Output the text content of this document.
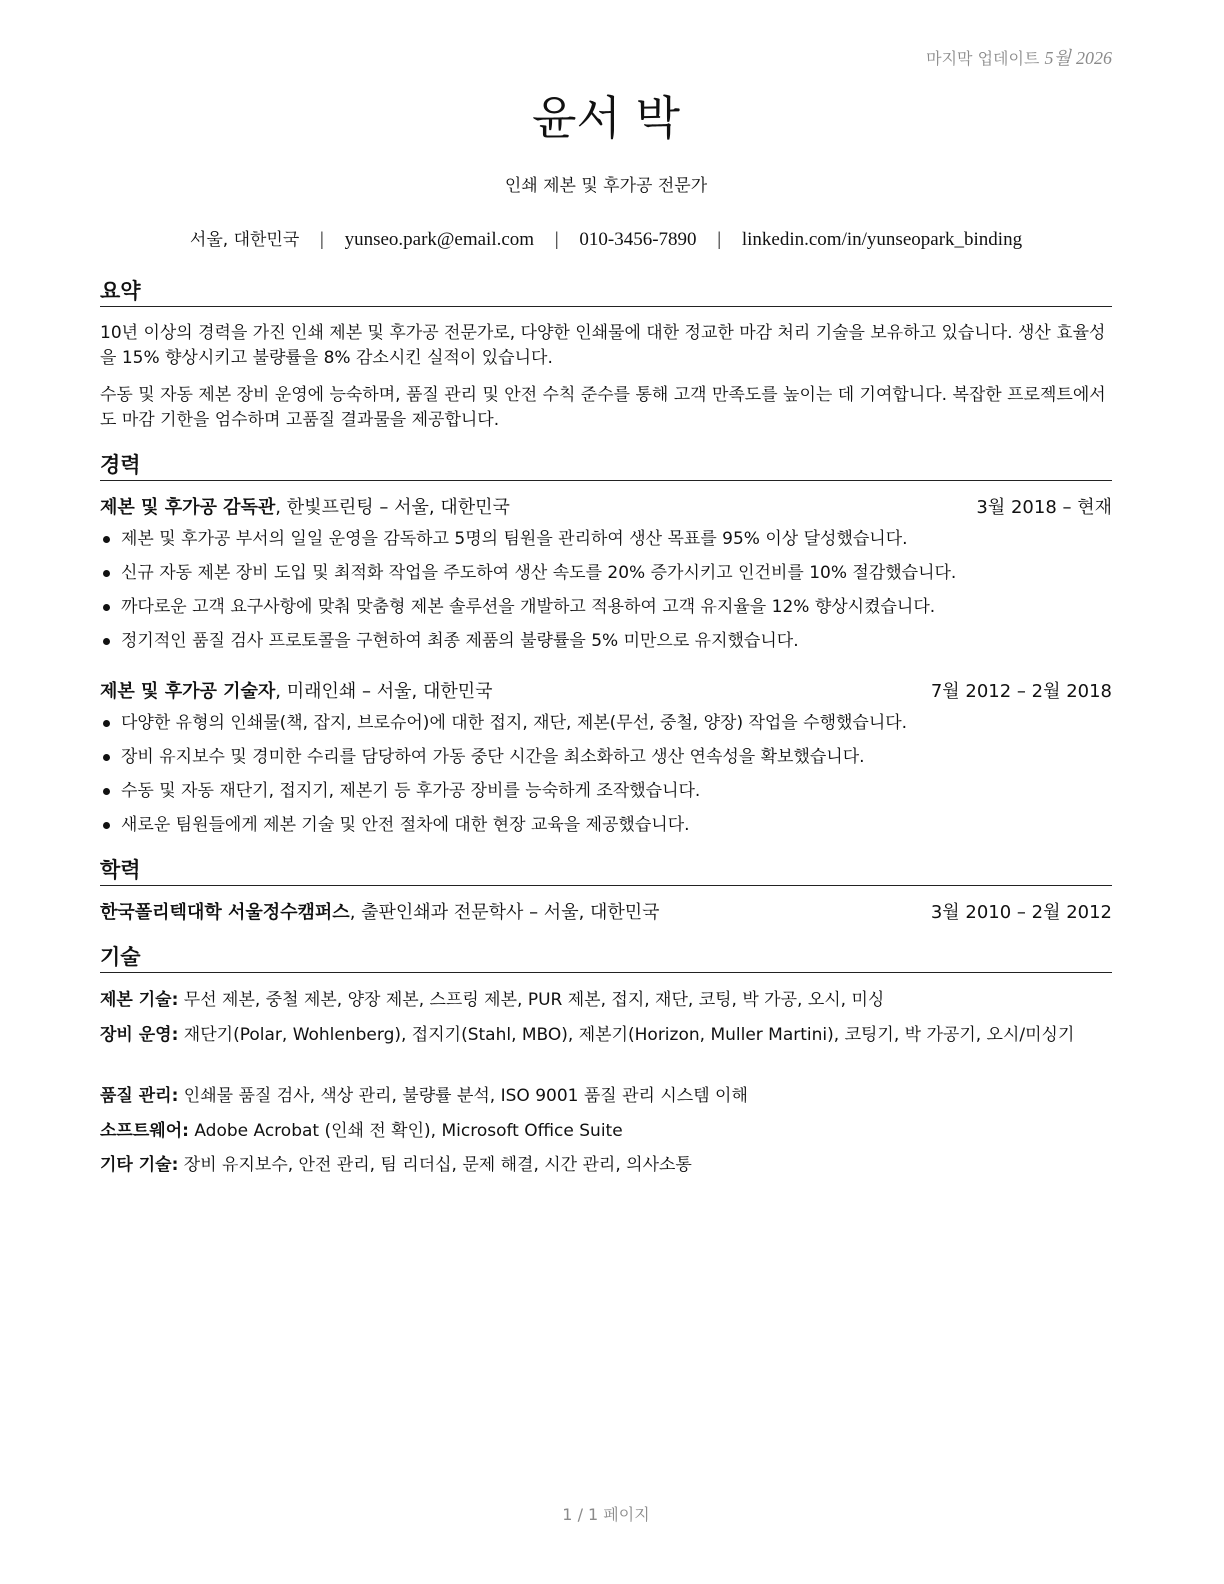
마지막 업데이트 5월 2026
윤서 박
인쇄 제본 및 후가공 전문가
서울, 대한민국 | yunseo.park@email.com | 010-3456-7890 | linkedin.com/in/yunseopark_binding
요약
10년 이상의 경력을 가진 인쇄 제본 및 후가공 전문가로, 다양한 인쇄물에 대한 정교한 마감 처리 기술을 보유하고 있습니다. 생산 효율성을 15% 향상시키고 불량률을 8% 감소시킨 실적이 있습니다.
수동 및 자동 제본 장비 운영에 능숙하며, 품질 관리 및 안전 수칙 준수를 통해 고객 만족도를 높이는 데 기여합니다. 복잡한 프로젝트에서도 마감 기한을 엄수하며 고품질 결과물을 제공합니다.
경력
제본 및 후가공 감독관, 한빛프린팅 – 서울, 대한민국	3월 2018 – 현재
제본 및 후가공 부서의 일일 운영을 감독하고 5명의 팀원을 관리하여 생산 목표를 95% 이상 달성했습니다.
신규 자동 제본 장비 도입 및 최적화 작업을 주도하여 생산 속도를 20% 증가시키고 인건비를 10% 절감했습니다.
까다로운 고객 요구사항에 맞춰 맞춤형 제본 솔루션을 개발하고 적용하여 고객 유지율을 12% 향상시켰습니다.
정기적인 품질 검사 프로토콜을 구현하여 최종 제품의 불량률을 5% 미만으로 유지했습니다.
제본 및 후가공 기술자, 미래인쇄 – 서울, 대한민국	7월 2012 – 2월 2018
다양한 유형의 인쇄물(책, 잡지, 브로슈어)에 대한 접지, 재단, 제본(무선, 중철, 양장) 작업을 수행했습니다.
장비 유지보수 및 경미한 수리를 담당하여 가동 중단 시간을 최소화하고 생산 연속성을 확보했습니다.
수동 및 자동 재단기, 접지기, 제본기 등 후가공 장비를 능숙하게 조작했습니다.
새로운 팀원들에게 제본 기술 및 안전 절차에 대한 현장 교육을 제공했습니다.
학력
한국폴리텍대학 서울정수캠퍼스, 출판인쇄과 전문학사 – 서울, 대한민국	3월 2010 – 2월 2012
기술
제본 기술: 무선 제본, 중철 제본, 양장 제본, 스프링 제본, PUR 제본, 접지, 재단, 코팅, 박 가공, 오시, 미싱
장비 운영: 재단기(Polar, Wohlenberg), 접지기(Stahl, MBO), 제본기(Horizon, Muller Martini), 코팅기, 박 가공기, 오시/미싱기
품질 관리: 인쇄물 품질 검사, 색상 관리, 불량률 분석, ISO 9001 품질 관리 시스템 이해
소프트웨어: Adobe Acrobat (인쇄 전 확인), Microsoft Office Suite
기타 기술: 장비 유지보수, 안전 관리, 팀 리더십, 문제 해결, 시간 관리, 의사소통
1 / 1 페이지
